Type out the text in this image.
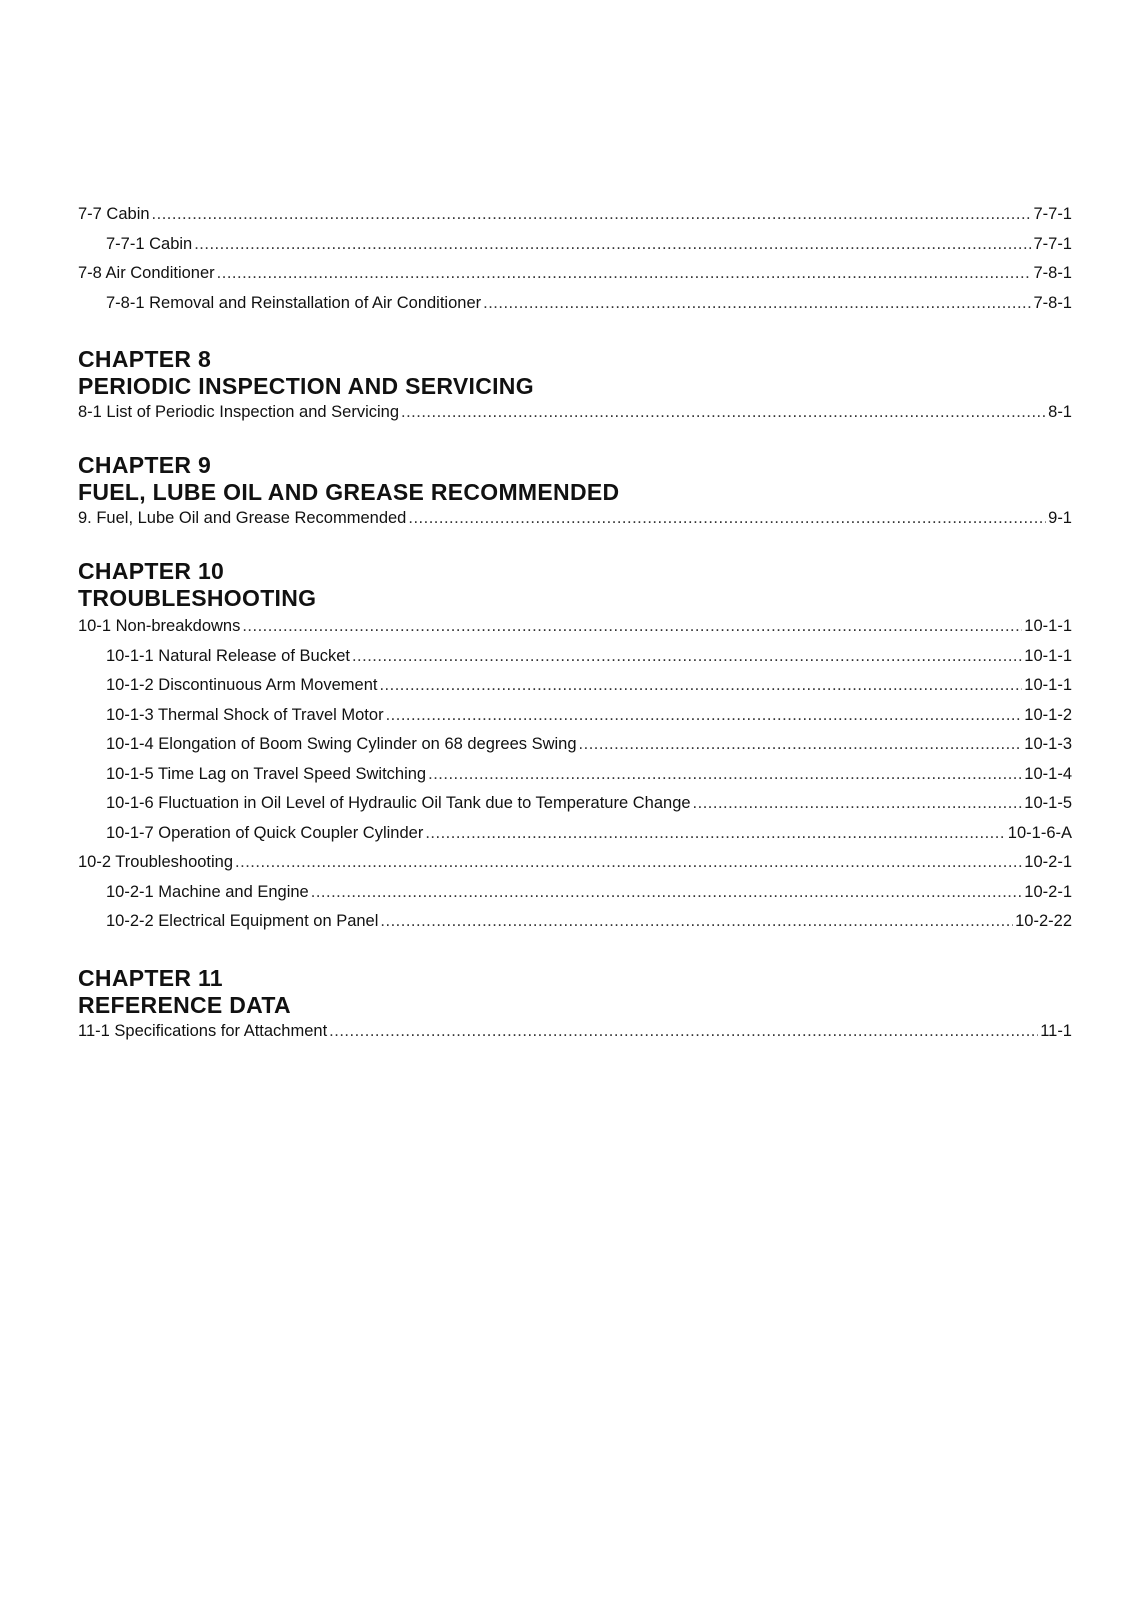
7-7 Cabin .....	7-7-1
7-7-1 Cabin .....	7-7-1
7-8 Air Conditioner .....	7-8-1
7-8-1 Removal and Reinstallation of Air Conditioner .....	7-8-1
CHAPTER 8
PERIODIC INSPECTION AND SERVICING
8-1 List of Periodic Inspection and Servicing .....	8-1
CHAPTER 9
FUEL, LUBE OIL AND GREASE RECOMMENDED
9. Fuel, Lube Oil and Grease Recommended .....	9-1
CHAPTER 10
TROUBLESHOOTING
10-1 Non-breakdowns .....	10-1-1
10-1-1 Natural Release of Bucket .....	10-1-1
10-1-2 Discontinuous Arm Movement .....	10-1-1
10-1-3 Thermal Shock of Travel Motor .....	10-1-2
10-1-4 Elongation of Boom Swing Cylinder on 68 degrees Swing .....	10-1-3
10-1-5 Time Lag on Travel Speed Switching .....	10-1-4
10-1-6 Fluctuation in Oil Level of Hydraulic Oil Tank due to Temperature Change .....	10-1-5
10-1-7 Operation of Quick Coupler Cylinder .....	10-1-6-A
10-2 Troubleshooting .....	10-2-1
10-2-1 Machine and Engine .....	10-2-1
10-2-2 Electrical Equipment on Panel .....	10-2-22
CHAPTER 11
REFERENCE DATA
11-1 Specifications for Attachment .....	11-1
